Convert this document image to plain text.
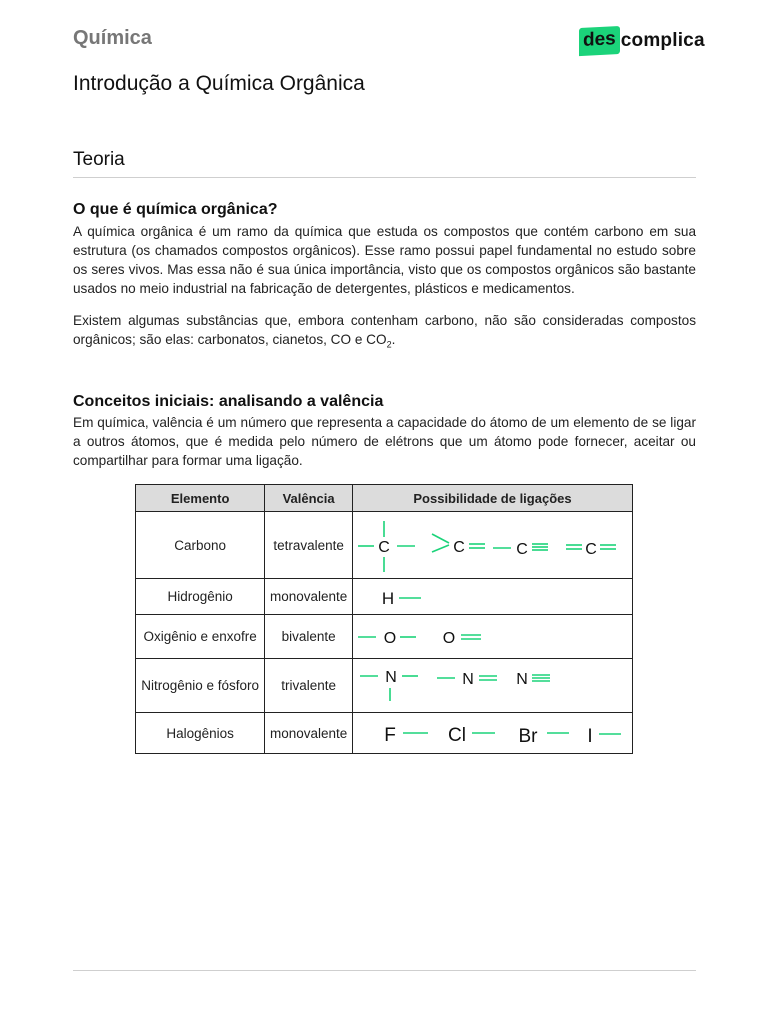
Química	des complica
Introdução a Química Orgânica
Teoria
O que é química orgânica?

A química orgânica é um ramo da química que estuda os compostos que contém carbono em sua estrutura (os chamados compostos orgânicos). Esse ramo possui papel fundamental no estudo sobre os seres vivos. Mas essa não é sua única importância, visto que os compostos orgânicos são bastante usados no meio industrial na fabricação de detergentes, plásticos e medicamentos.

Existem algumas substâncias que, embora contenham carbono, não são consideradas compostos orgânicos; são elas: carbonatos, cianetos, CO e $CO_2$.

Conceitos iniciais: analisando a valência

Em química, valência é um número que representa a capacidade do átomo de um elemento de se ligar a outros átomos, que é medida pelo número de elétrons que um átomo pode fornecer, aceitar ou compartilhar para formar uma ligação.

Elemento	Valência	Possibilidade de ligações
Carbono	tetravalente	C C C C

Hidrogênio	monovalente	H

Oxigênio e enxofre	bivalente	O O

Nitrogênio e fósforo	trivalente	N N N

Halogênios	monovalente	F Cl Br I
